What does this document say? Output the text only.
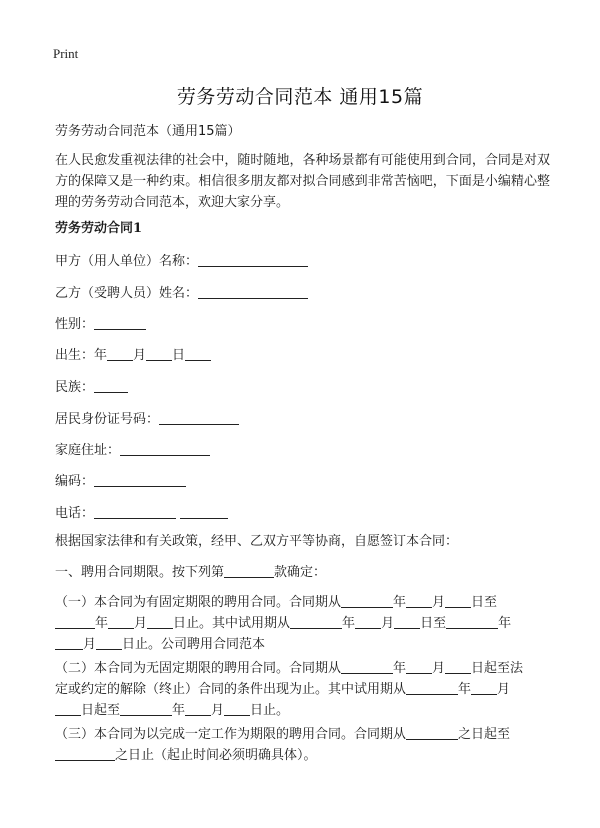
Print
劳务劳动合同范本 通用15篇
劳务劳动合同范本（通用15篇）
在人民愈发重视法律的社会中，随时随地，各种场景都有可能使用到合同，合同是对双方的保障又是一种约束。相信很多朋友都对拟合同感到非常苦恼吧，下面是小编精心整理的劳务劳动合同范本，欢迎大家分享。
劳务劳动合同1
甲方（用人单位）名称：
乙方（受聘人员）姓名：
性别：
出生：年 月 日
民族：
居民身份证号码：
家庭住址：
编码：
电话：
根据国家法律和有关政策，经甲、乙双方平等协商，自愿签订本合同：
一、聘用合同期限。按下列第	款确定：
（一）本合同为有固定期限的聘用合同。合同期从	年 月 日至
年 月 日止。其中试用期从	年 月 日至	年
月 日止。公司聘用合同范本
（二）本合同为无固定期限的聘用合同。合同期从	年 月 日起至法
定或约定的解除（终止）合同的条件出现为止。其中试用期从	年 月
日起至	年 月 日止。
（三）本合同为以完成一定工作为期限的聘用合同。合同期从	之日起至
之日止（起止时间必须明确具体）。
